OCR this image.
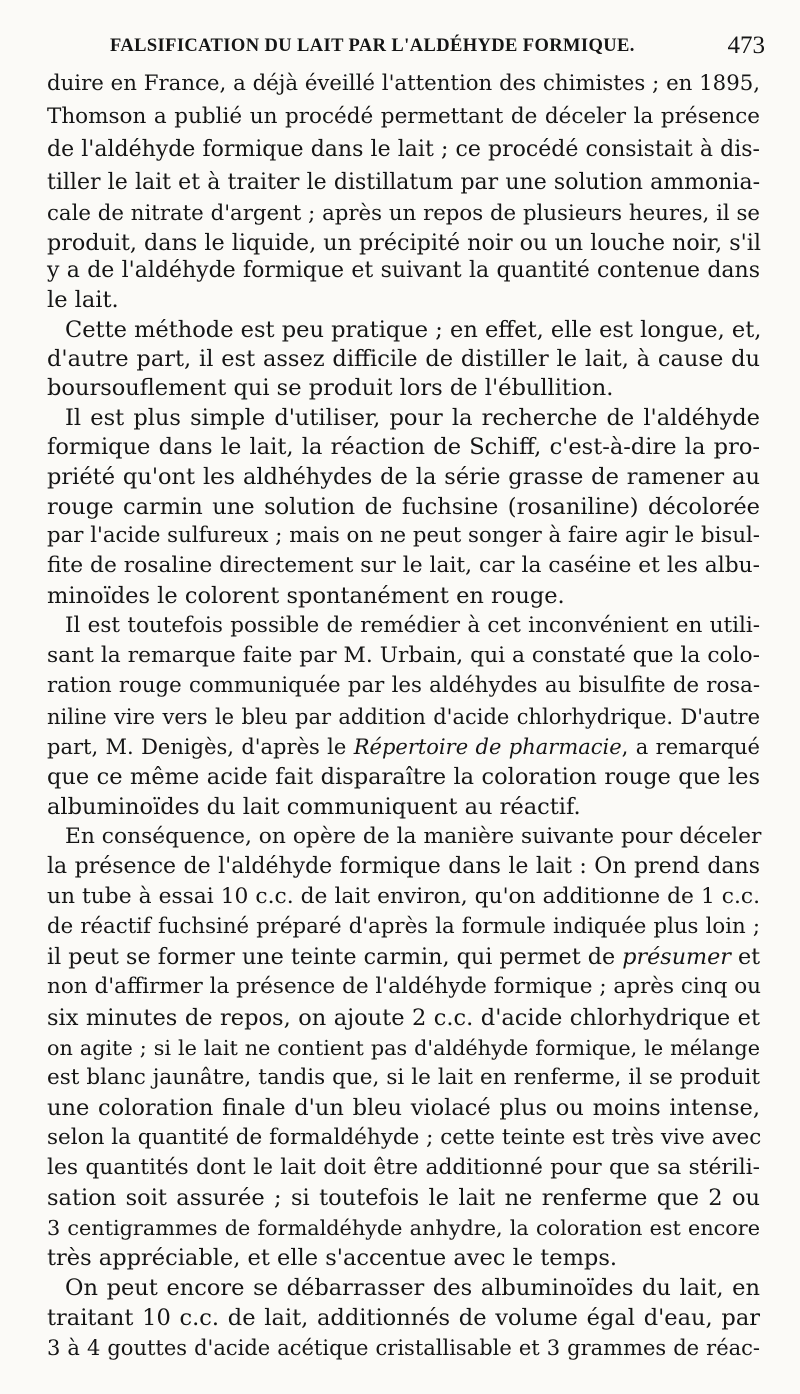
FALSIFICATION DU LAIT PAR L'ALDÉHYDE FORMIQUE.	473
duire en France, a déjà éveillé l'attention des chimistes ; en 1895,
Thomson a publié un procédé permettant de déceler la présence
de l'aldéhyde formique dans le lait ; ce procédé consistait à dis-
tiller le lait et à traiter le distillatum par une solution ammonia-
cale de nitrate d'argent ; après un repos de plusieurs heures, il se
produit, dans le liquide, un précipité noir ou un louche noir, s'il
y a de l'aldéhyde formique et suivant la quantité contenue dans
le lait.
Cette méthode est peu pratique ; en effet, elle est longue, et,
d'autre part, il est assez difficile de distiller le lait, à cause du
boursouflement qui se produit lors de l'ébullition.
Il est plus simple d'utiliser, pour la recherche de l'aldéhyde
formique dans le lait, la réaction de Schiff, c'est-à-dire la pro-
priété qu'ont les aldhéhydes de la série grasse de ramener au
rouge carmin une solution de fuchsine (rosaniline) décolorée
par l'acide sulfureux ; mais on ne peut songer à faire agir le bisul-
fite de rosaline directement sur le lait, car la caséine et les albu-
minoïdes le colorent spontanément en rouge.
Il est toutefois possible de remédier à cet inconvénient en utili-
sant la remarque faite par M. Urbain, qui a constaté que la colo-
ration rouge communiquée par les aldéhydes au bisulfite de rosa-
niline vire vers le bleu par addition d'acide chlorhydrique. D'autre
part, M. Denigès, d'après le Répertoire de pharmacie, a remarqué
que ce même acide fait disparaître la coloration rouge que les
albuminoïdes du lait communiquent au réactif.
En conséquence, on opère de la manière suivante pour déceler
la présence de l'aldéhyde formique dans le lait : On prend dans
un tube à essai 10 c.c. de lait environ, qu'on additionne de 1 c.c.
de réactif fuchsiné préparé d'après la formule indiquée plus loin ;
il peut se former une teinte carmin, qui permet de présumer et
non d'affirmer la présence de l'aldéhyde formique ; après cinq ou
six minutes de repos, on ajoute 2 c.c. d'acide chlorhydrique et
on agite ; si le lait ne contient pas d'aldéhyde formique, le mélange
est blanc jaunâtre, tandis que, si le lait en renferme, il se produit
une coloration finale d'un bleu violacé plus ou moins intense,
selon la quantité de formaldéhyde ; cette teinte est très vive avec
les quantités dont le lait doit être additionné pour que sa stérili-
sation soit assurée ; si toutefois le lait ne renferme que 2 ou
3 centigrammes de formaldéhyde anhydre, la coloration est encore
très appréciable, et elle s'accentue avec le temps.
On peut encore se débarrasser des albuminoïdes du lait, en
traitant 10 c.c. de lait, additionnés de volume égal d'eau, par
3 à 4 gouttes d'acide acétique cristallisable et 3 grammes de réac-
